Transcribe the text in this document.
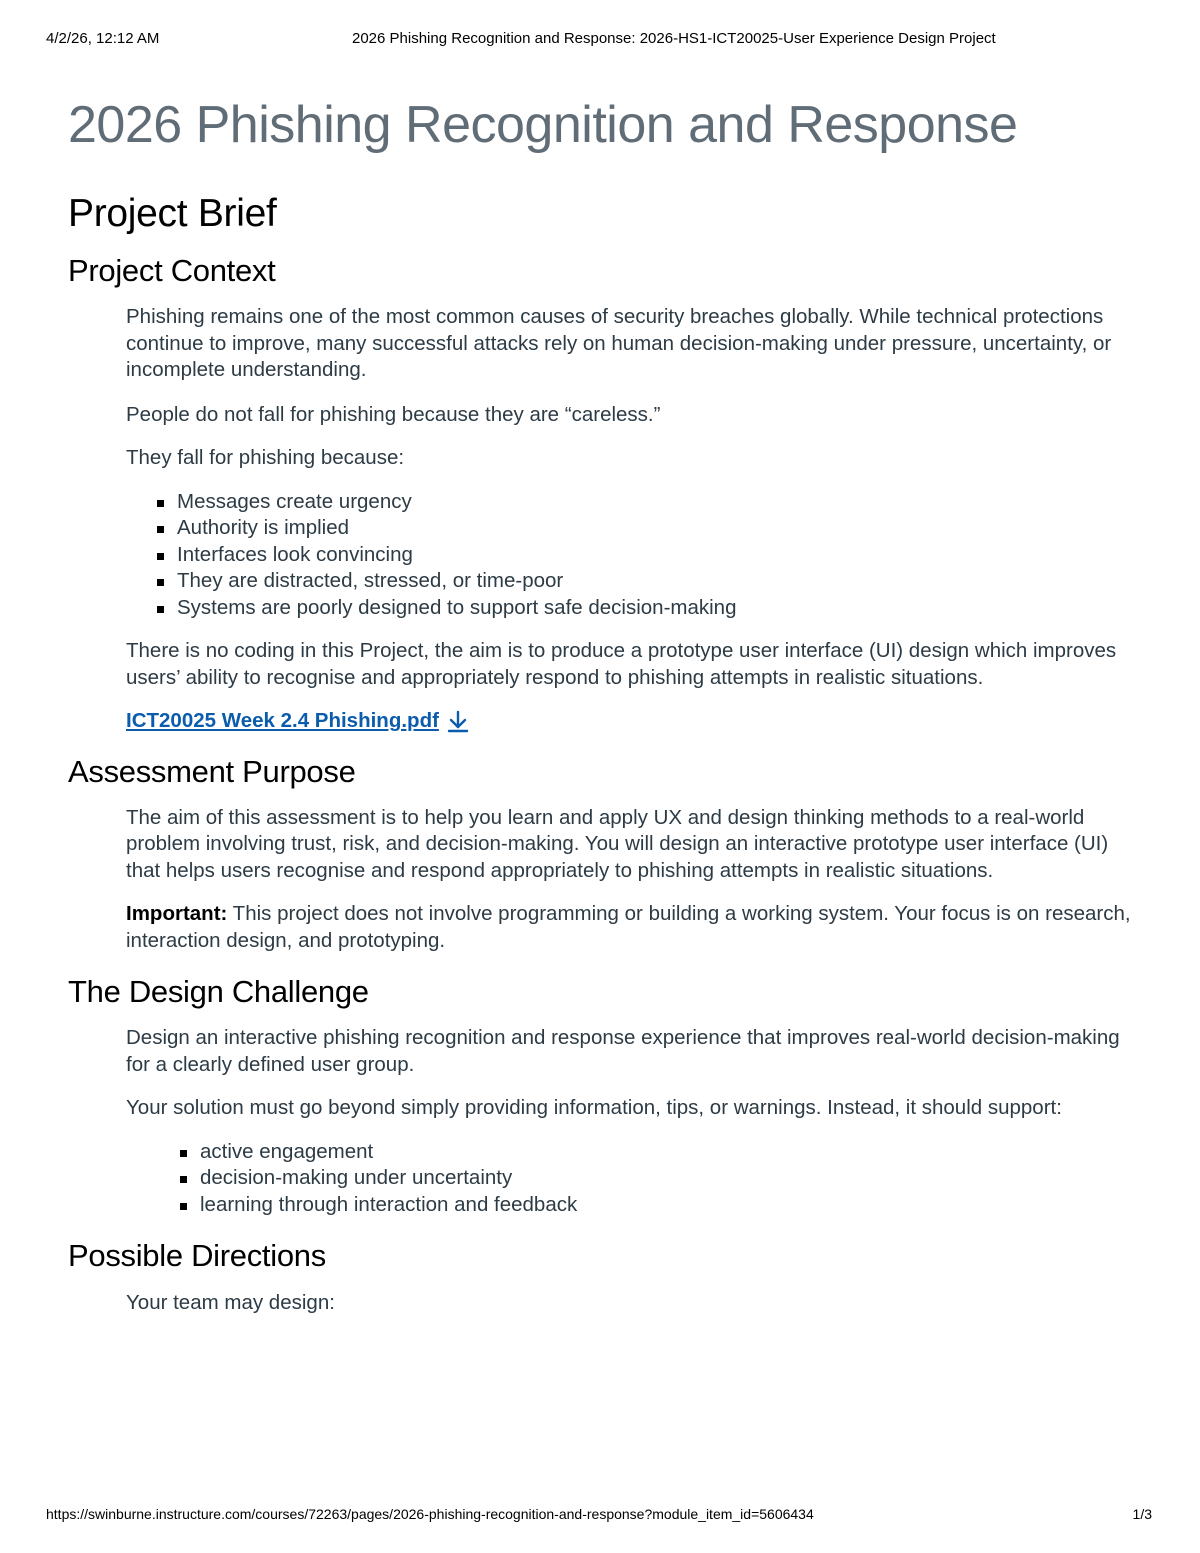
4/2/26, 12:12 AM	2026 Phishing Recognition and Response: 2026-HS1-ICT20025-User Experience Design Project
2026 Phishing Recognition and Response
Project Brief
Project Context

Phishing remains one of the most common causes of security breaches globally. While technical protections continue to improve, many successful attacks rely on human decision-making under pressure, uncertainty, or incomplete understanding.

People do not fall for phishing because they are “careless.”

They fall for phishing because:

Messages create urgency
Authority is implied
Interfaces look convincing
They are distracted, stressed, or time-poor
Systems are poorly designed to support safe decision-making

There is no coding in this Project, the aim is to produce a prototype user interface (UI) design which improves users’ ability to recognise and appropriately respond to phishing attempts in realistic situations.

ICT20025 Week 2.4 Phishing.pdf

Assessment Purpose

The aim of this assessment is to help you learn and apply UX and design thinking methods to a real-world problem involving trust, risk, and decision-making. You will design an interactive prototype user interface (UI) that helps users recognise and respond appropriately to phishing attempts in realistic situations.

Important: This project does not involve programming or building a working system. Your focus is on research, interaction design, and prototyping.

The Design Challenge

Design an interactive phishing recognition and response experience that improves real-world decision-making for a clearly defined user group.

Your solution must go beyond simply providing information, tips, or warnings. Instead, it should support:

active engagement
decision-making under uncertainty
learning through interaction and feedback
Possible Directions

Your team may design:

https://swinburne.instructure.com/courses/72263/pages/2026-phishing-recognition-and-response?module_item_id=5606434	1/3
